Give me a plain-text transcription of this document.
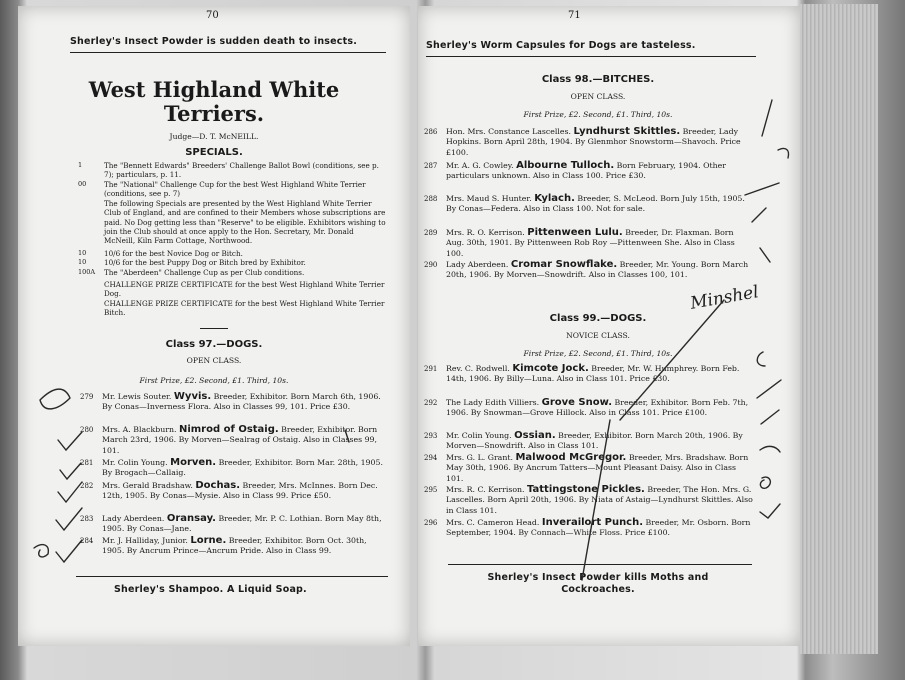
70
Sherley's Insect Powder is sudden death to insects.
West Highland White
Terriers.
Judge—D. T. McNEILL.
SPECIALS.
1	The "Bennett Edwards" Breeders' Challenge Ballot Bowl (conditions, see p. 7); particulars, p. 11.
00 The "National" Challenge Cup for the best West Highland White Terrier (conditions, see p. 7)
The following Specials are presented by the West Highland White Terrier Club of England, and are confined to their Members whose subscriptions are paid. No Dog getting less than "Reserve" to be eligible. Exhibitors wishing to join the Club should at once apply to the Hon. Secretary, Mr. Donald McNeill, Kiln Farm Cottage, Northwood.
10 10/6 for the best Novice Dog or Bitch.
10 10/6 for the best Puppy Dog or Bitch bred by Exhibitor.
100A The "Aberdeen" Challenge Cup as per Club conditions.
CHALLENGE PRIZE CERTIFICATE for the best West Highland White Terrier Dog.
CHALLENGE PRIZE CERTIFICATE for the best West Highland White Terrier Bitch.
Class 97.—DOGS.
OPEN CLASS.
First Prize, £2. Second, £1. Third, 10s.
279 Mr. Lewis Souter. Wyvis. Breeder, Exhibitor. Born March 6th, 1906. By Conas—Inverness Flora. Also in Classes 99, 101. Price £30.
280 Mrs. A. Blackburn. Nimrod of Ostaig. Breeder, Exhibitor. Born March 23rd, 1906. By Morven—Sealrag of Ostaig. Also in Classes 99, 101.
281 Mr. Colin Young. Morven. Breeder, Exhibitor. Born Mar. 28th, 1905. By Brogach—Callaig.
282 Mrs. Gerald Bradshaw. Dochas. Breeder, Mrs. McInnes. Born Dec. 12th, 1905. By Conas—Mysie. Also in Class 99. Price £50.
283 Lady Aberdeen. Oransay. Breeder, Mr. P. C. Lothian. Born May 8th, 1905. By Conas—Jane.
284 Mr. J. Halliday, Junior. Lorne. Breeder, Exhibitor. Born Oct. 30th, 1905. By Ancrum Prince—Ancrum Pride. Also in Class 99.
Sherley's Shampoo. A Liquid Soap.
71
Sherley's Worm Capsules for Dogs are tasteless.
Class 98.—BITCHES.
OPEN CLASS.
First Prize, £2. Second, £1. Third, 10s.
286 Hon. Mrs. Constance Lascelles. Lyndhurst Skittles. Breeder, Lady Hopkins. Born April 28th, 1904. By Glenmhor Snowstorm—Shavoch. Price £100.
287 Mr. A. G. Cowley. Albourne Tulloch. Born February, 1904. Other particulars unknown. Also in Class 100. Price £30.
288 Mrs. Maud S. Hunter. Kylach. Breeder, S. McLeod. Born July 15th, 1905. By Conas—Federa. Also in Class 100. Not for sale.
289 Mrs. R. O. Kerrison. Pittenween Lulu. Breeder, Dr. Flaxman. Born Aug. 30th, 1901. By Pittenween Rob Roy —Pittenween She. Also in Class 100.
290 Lady Aberdeen. Cromar Snowflake. Breeder, Mr. Young. Born March 20th, 1906. By Morven—Snowdrift. Also in Classes 100, 101.
Class 99.—DOGS.
NOVICE CLASS.
First Prize, £2. Second, £1. Third, 10s.
291 Rev. C. Rodwell. Kimcote Jock. Breeder, Mr. W. Humphrey. Born Feb. 14th, 1906. By Billy—Luna. Also in Class 101. Price £30.
292 The Lady Edith Villiers. Grove Snow. Breeder, Exhibitor. Born Feb. 7th, 1906. By Snowman—Grove Hillock. Also in Class 101. Price £100.
293 Mr. Colin Young. Ossian. Breeder, Exhibitor. Born March 20th, 1906. By Morven—Snowdrift. Also in Class 101.
294 Mrs. G. L. Grant. Malwood McGregor. Breeder, Mrs. Bradshaw. Born May 30th, 1906. By Ancrum Tatters—Mount Pleasant Daisy. Also in Class 101.
295 Mrs. R. C. Kerrison. Tattingstone Pickles. Breeder, The Hon. Mrs. G. Lascelles. Born April 20th, 1906. By Niata of Astaig—Lyndhurst Skittles. Also in Class 101.
296 Mrs. C. Cameron Head. Inverailort Punch. Breeder, Mr. Osborn. Born September, 1904. By Connach—White Floss. Price £100.
Sherley's Insect Powder kills Moths and
Cockroaches.
Minshel
